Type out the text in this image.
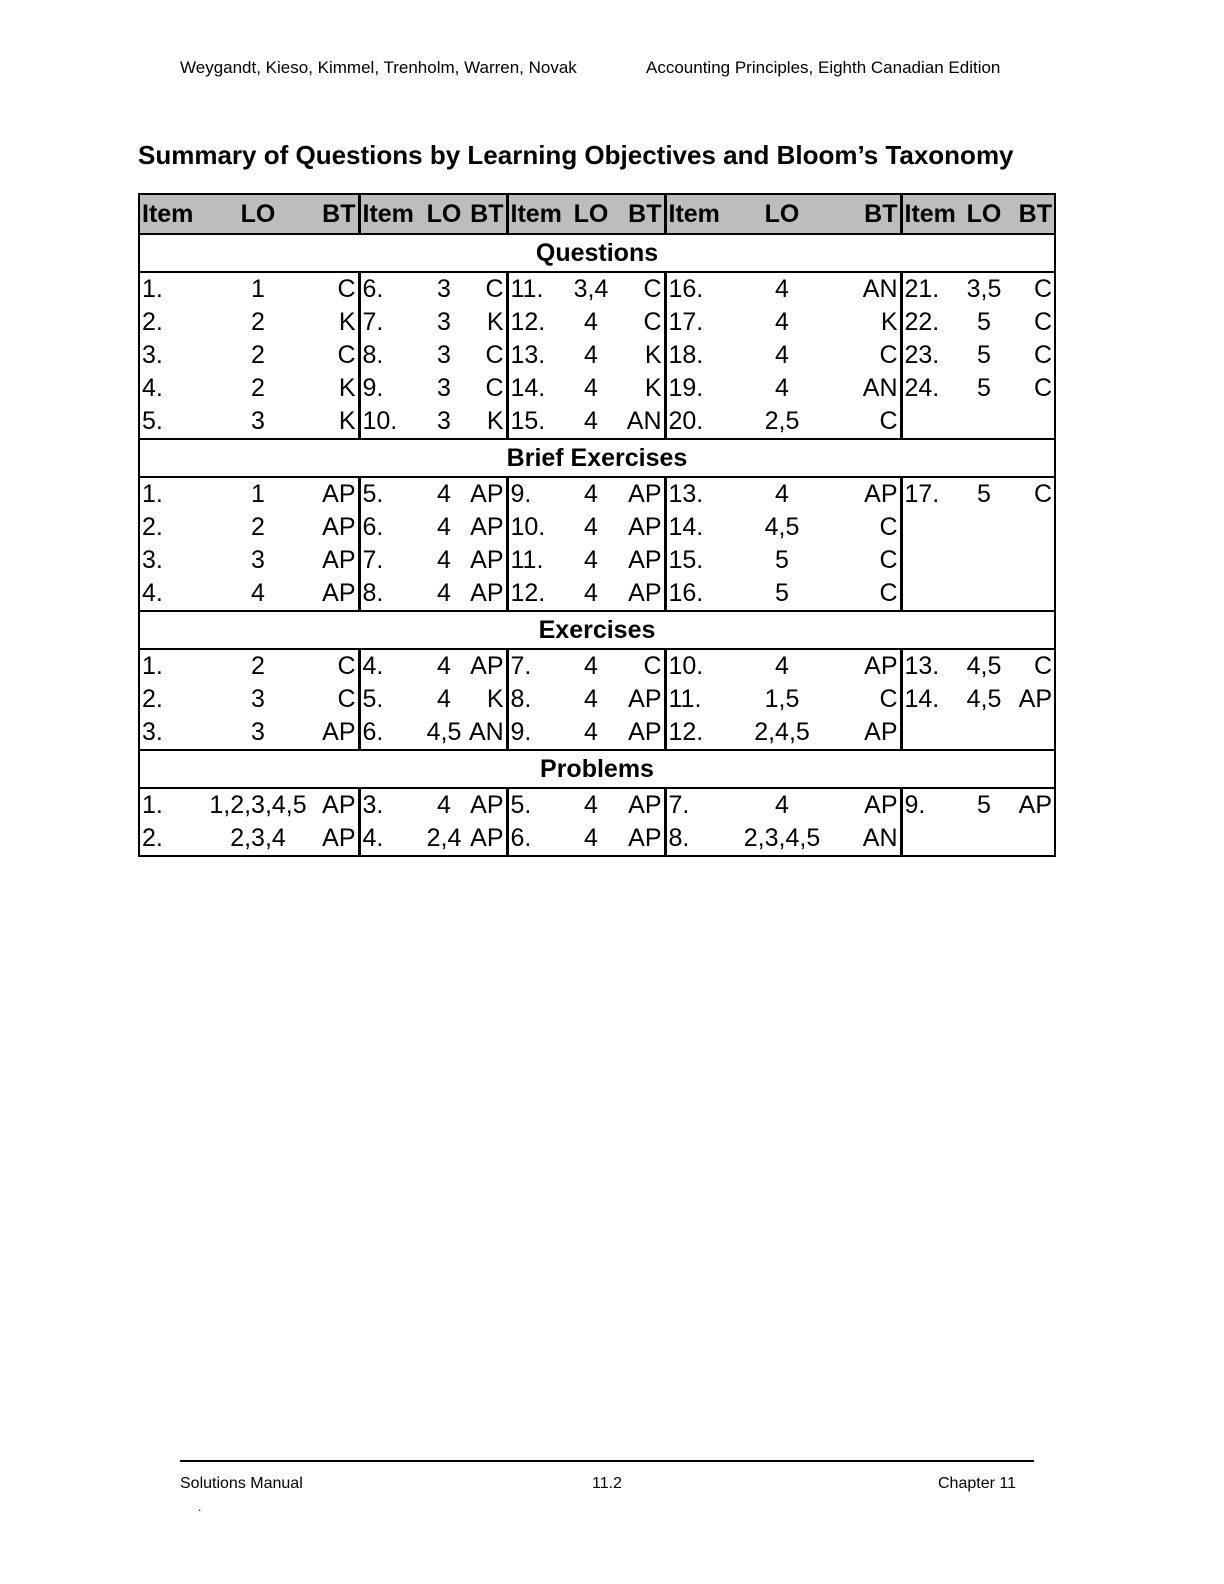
Weygandt, Kieso, Kimmel, Trenholm, Warren, Novak	Accounting Principles, Eighth Canadian Edition
Summary of Questions by Learning Objectives and Bloom’s Taxonomy
Item	LO	BT	Item	LO	BT	Item	LO	BT	Item	LO	BT	Item	LO	BT
Questions														
1.	1	C	6.	3	C	11.	3,4	C	16.	4	AN	21.	3,5	C
2.	2	K	7.	3	K	12.	4	C	17.	4	K	22.	5	C
3.	2	C	8.	3	C	13.	4	K	18.	4	C	23.	5	C
4.	2	K	9.	3	C	14.	4	K	19.	4	AN	24.	5	C
5.	3	K	10.	3	K	15.	4	AN	20.	2,5	C			
Brief Exercises														
1.	1	AP	5.	4	AP	9.	4	AP	13.	4	AP	17.	5	C
2.	2	AP	6.	4	AP	10.	4	AP	14.	4,5	C			
3.	3	AP	7.	4	AP	11.	4	AP	15.	5	C			
4.	4	AP	8.	4	AP	12.	4	AP	16.	5	C			
Exercises														
1.	2	C	4.	4	AP	7.	4	C	10.	4	AP	13.	4,5	C
2.	3	C	5.	4	K	8.	4	AP	11.	1,5	C	14.	4,5	AP
3.	3	AP	6.	4,5	AN	9.	4	AP	12.	2,4,5	AP			
Problems														
1.	1,2,3,4,5	AP	3.	4	AP	5.	4	AP	7.	4	AP	9.	5	AP
2.	2,3,4	AP	4.	2,4	AP	6.	4	AP	8.	2,3,4,5	AN			
Solutions Manual	11.2	Chapter 11
.
